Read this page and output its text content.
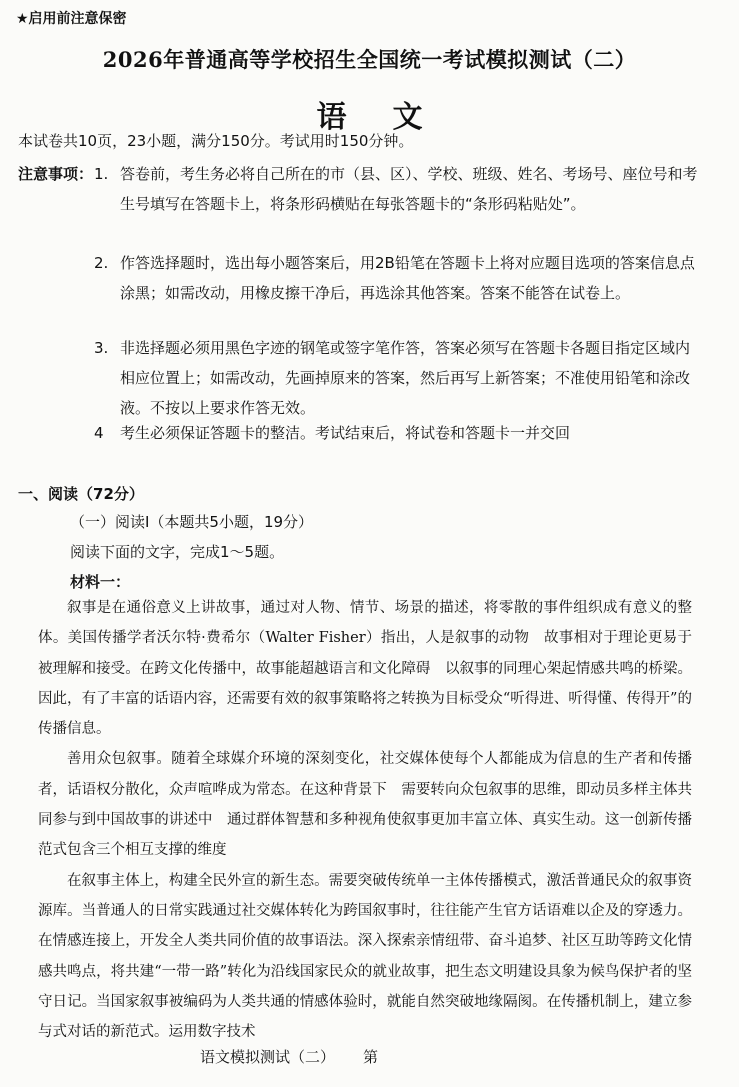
★启用前注意保密
2026年普通高等学校招生全国统一考试模拟测试（二）
语 文
本试卷共10页，23小题，满分150分。考试用时150分钟。
注意事项： 1. 答卷前，考生务必将自己所在的市（县、区）、学校、班级、姓名、考场号、座位号和考生号填写在答题卡上，将条形码横贴在每张答题卡的“条形码粘贴处”。

2. 作答选择题时，选出每小题答案后，用2B铅笔在答题卡上将对应题目选项的答案信息点涂黑；如需改动，用橡皮擦干净后，再选涂其他答案。答案不能答在试卷上。

3. 非选择题必须用黑色字迹的钢笔或签字笔作答，答案必须写在答题卡各题目指定区域内相应位置上；如需改动，先画掉原来的答案，然后再写上新答案；不准使用铅笔和涂改液。不按以上要求作答无效。

4 考生必须保证答题卡的整洁。考试结束后，将试卷和答题卡一并交回

一、阅读（72分）
（一）阅读Ⅰ（本题共5小题，19分）
阅读下面的文字，完成1～5题。
材料一：

叙事是在通俗意义上讲故事，通过对人物、情节、场景的描述，将零散的事件组织成有意义的整体。美国传播学者沃尔特·费希尔（Walter Fisher）指出，人是叙事的动物　故事相对于理论更易于被理解和接受。在跨文化传播中，故事能超越语言和文化障碍　以叙事的同理心架起情感共鸣的桥梁。因此，有了丰富的话语内容，还需要有效的叙事策略将之转换为目标受众“听得进、听得懂、传得开”的传播信息。

善用众包叙事。随着全球媒介环境的深刻变化，社交媒体使每个人都能成为信息的生产者和传播者，话语权分散化，众声喧哗成为常态。在这种背景下　需要转向众包叙事的思维，即动员多样主体共同参与到中国故事的讲述中　通过群体智慧和多种视角使叙事更加丰富立体、真实生动。这一创新传播范式包含三个相互支撑的维度

在叙事主体上，构建全民外宣的新生态。需要突破传统单一主体传播模式，激活普通民众的叙事资源库。当普通人的日常实践通过社交媒体转化为跨国叙事时，往往能产生官方话语难以企及的穿透力。在情感连接上，开发全人类共同价值的故事语法。深入探索亲情纽带、奋斗追梦、社区互助等跨文化情感共鸣点，将共建“一带一路”转化为沿线国家民众的就业故事，把生态文明建设具象为候鸟保护者的坚守日记。当国家叙事被编码为人类共通的情感体验时，就能自然突破地缘隔阂。在传播机制上，建立参与式对话的新范式。运用数字技术

语文模拟测试（二） 第
